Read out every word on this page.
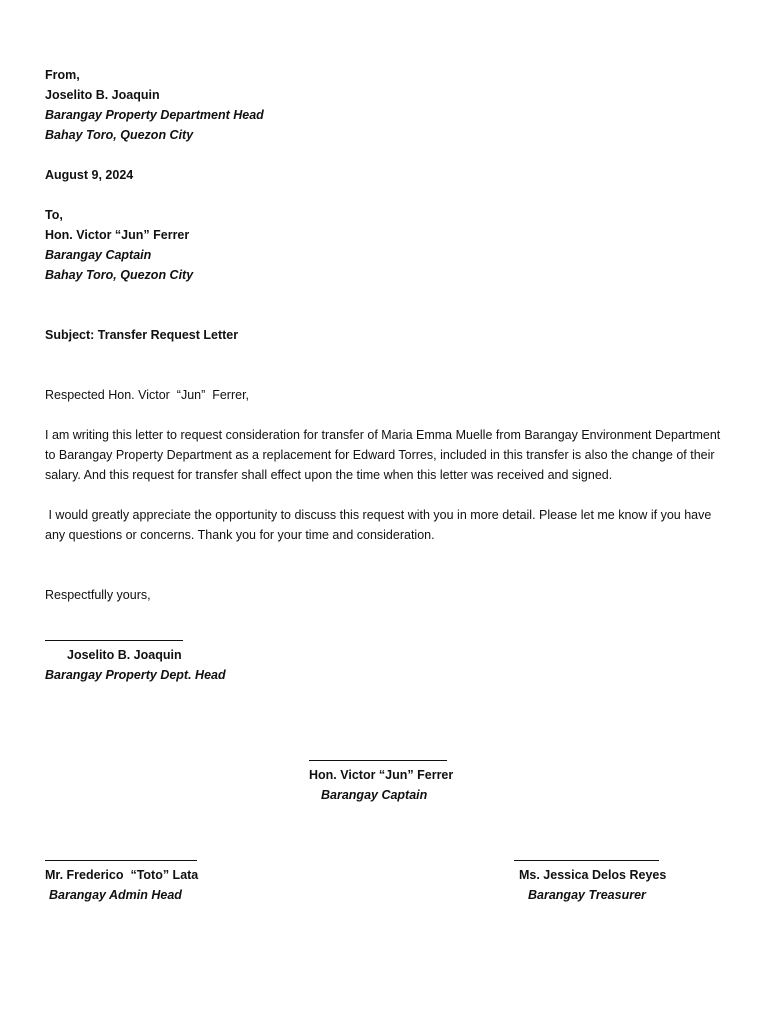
From,
Joselito B. Joaquin
Barangay Property Department Head
Bahay Toro, Quezon City
August 9, 2024
To,
Hon. Victor “Jun” Ferrer
Barangay Captain
Bahay Toro, Quezon City
Subject: Transfer Request Letter
Respected Hon. Victor  “Jun”  Ferrer,
I am writing this letter to request consideration for transfer of Maria Emma Muelle from Barangay Environment Department to Barangay Property Department as a replacement for Edward Torres, included in this transfer is also the change of their salary. And this request for transfer shall effect upon the time when this letter was received and signed.
I would greatly appreciate the opportunity to discuss this request with you in more detail. Please let me know if you have any questions or concerns. Thank you for your time and consideration.
Respectfully yours,
Joselito B. Joaquin
Barangay Property Dept. Head
Hon. Victor “Jun” Ferrer
Barangay Captain
Mr. Frederico  “Toto” Lata
Barangay Admin Head
Ms. Jessica Delos Reyes
Barangay Treasurer
